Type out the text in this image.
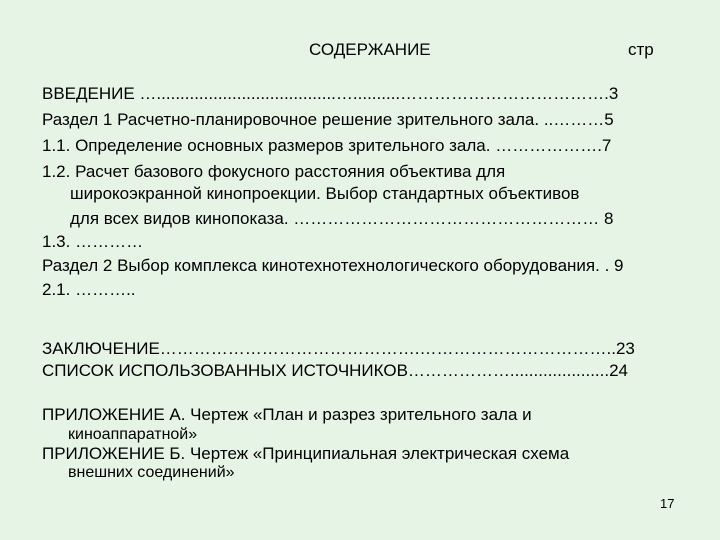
СОДЕРЖАНИЕ	стр
ВВЕДЕНИЕ …......................................…..........……………………………….3
Раздел 1 Расчетно-планировочное решение зрительного зала. ..………5
1.1. Определение основных размеров зрительного зала. ……………….7
1.2. Расчет базового фокусного расстояния объектива для
широкоэкранной кинопроекции. Выбор стандартных объективов
для всех видов кинопоказа. ……………………………………………… 8
1.3. …………
Раздел 2 Выбор комплекса кинотехнотехнологического оборудования. . 9
2.1. ………..
ЗАКЛЮЧЕНИЕ……………………………………….……………………………..23
СПИСОК ИСПОЛЬЗОВАННЫХ ИСТОЧНИКОВ……………….....................24
ПРИЛОЖЕНИЕ А. Чертеж «План и разрез зрительного зала и
киноаппаратной»
ПРИЛОЖЕНИЕ Б. Чертеж «Принципиальная электрическая схема
внешних соединений»
17
